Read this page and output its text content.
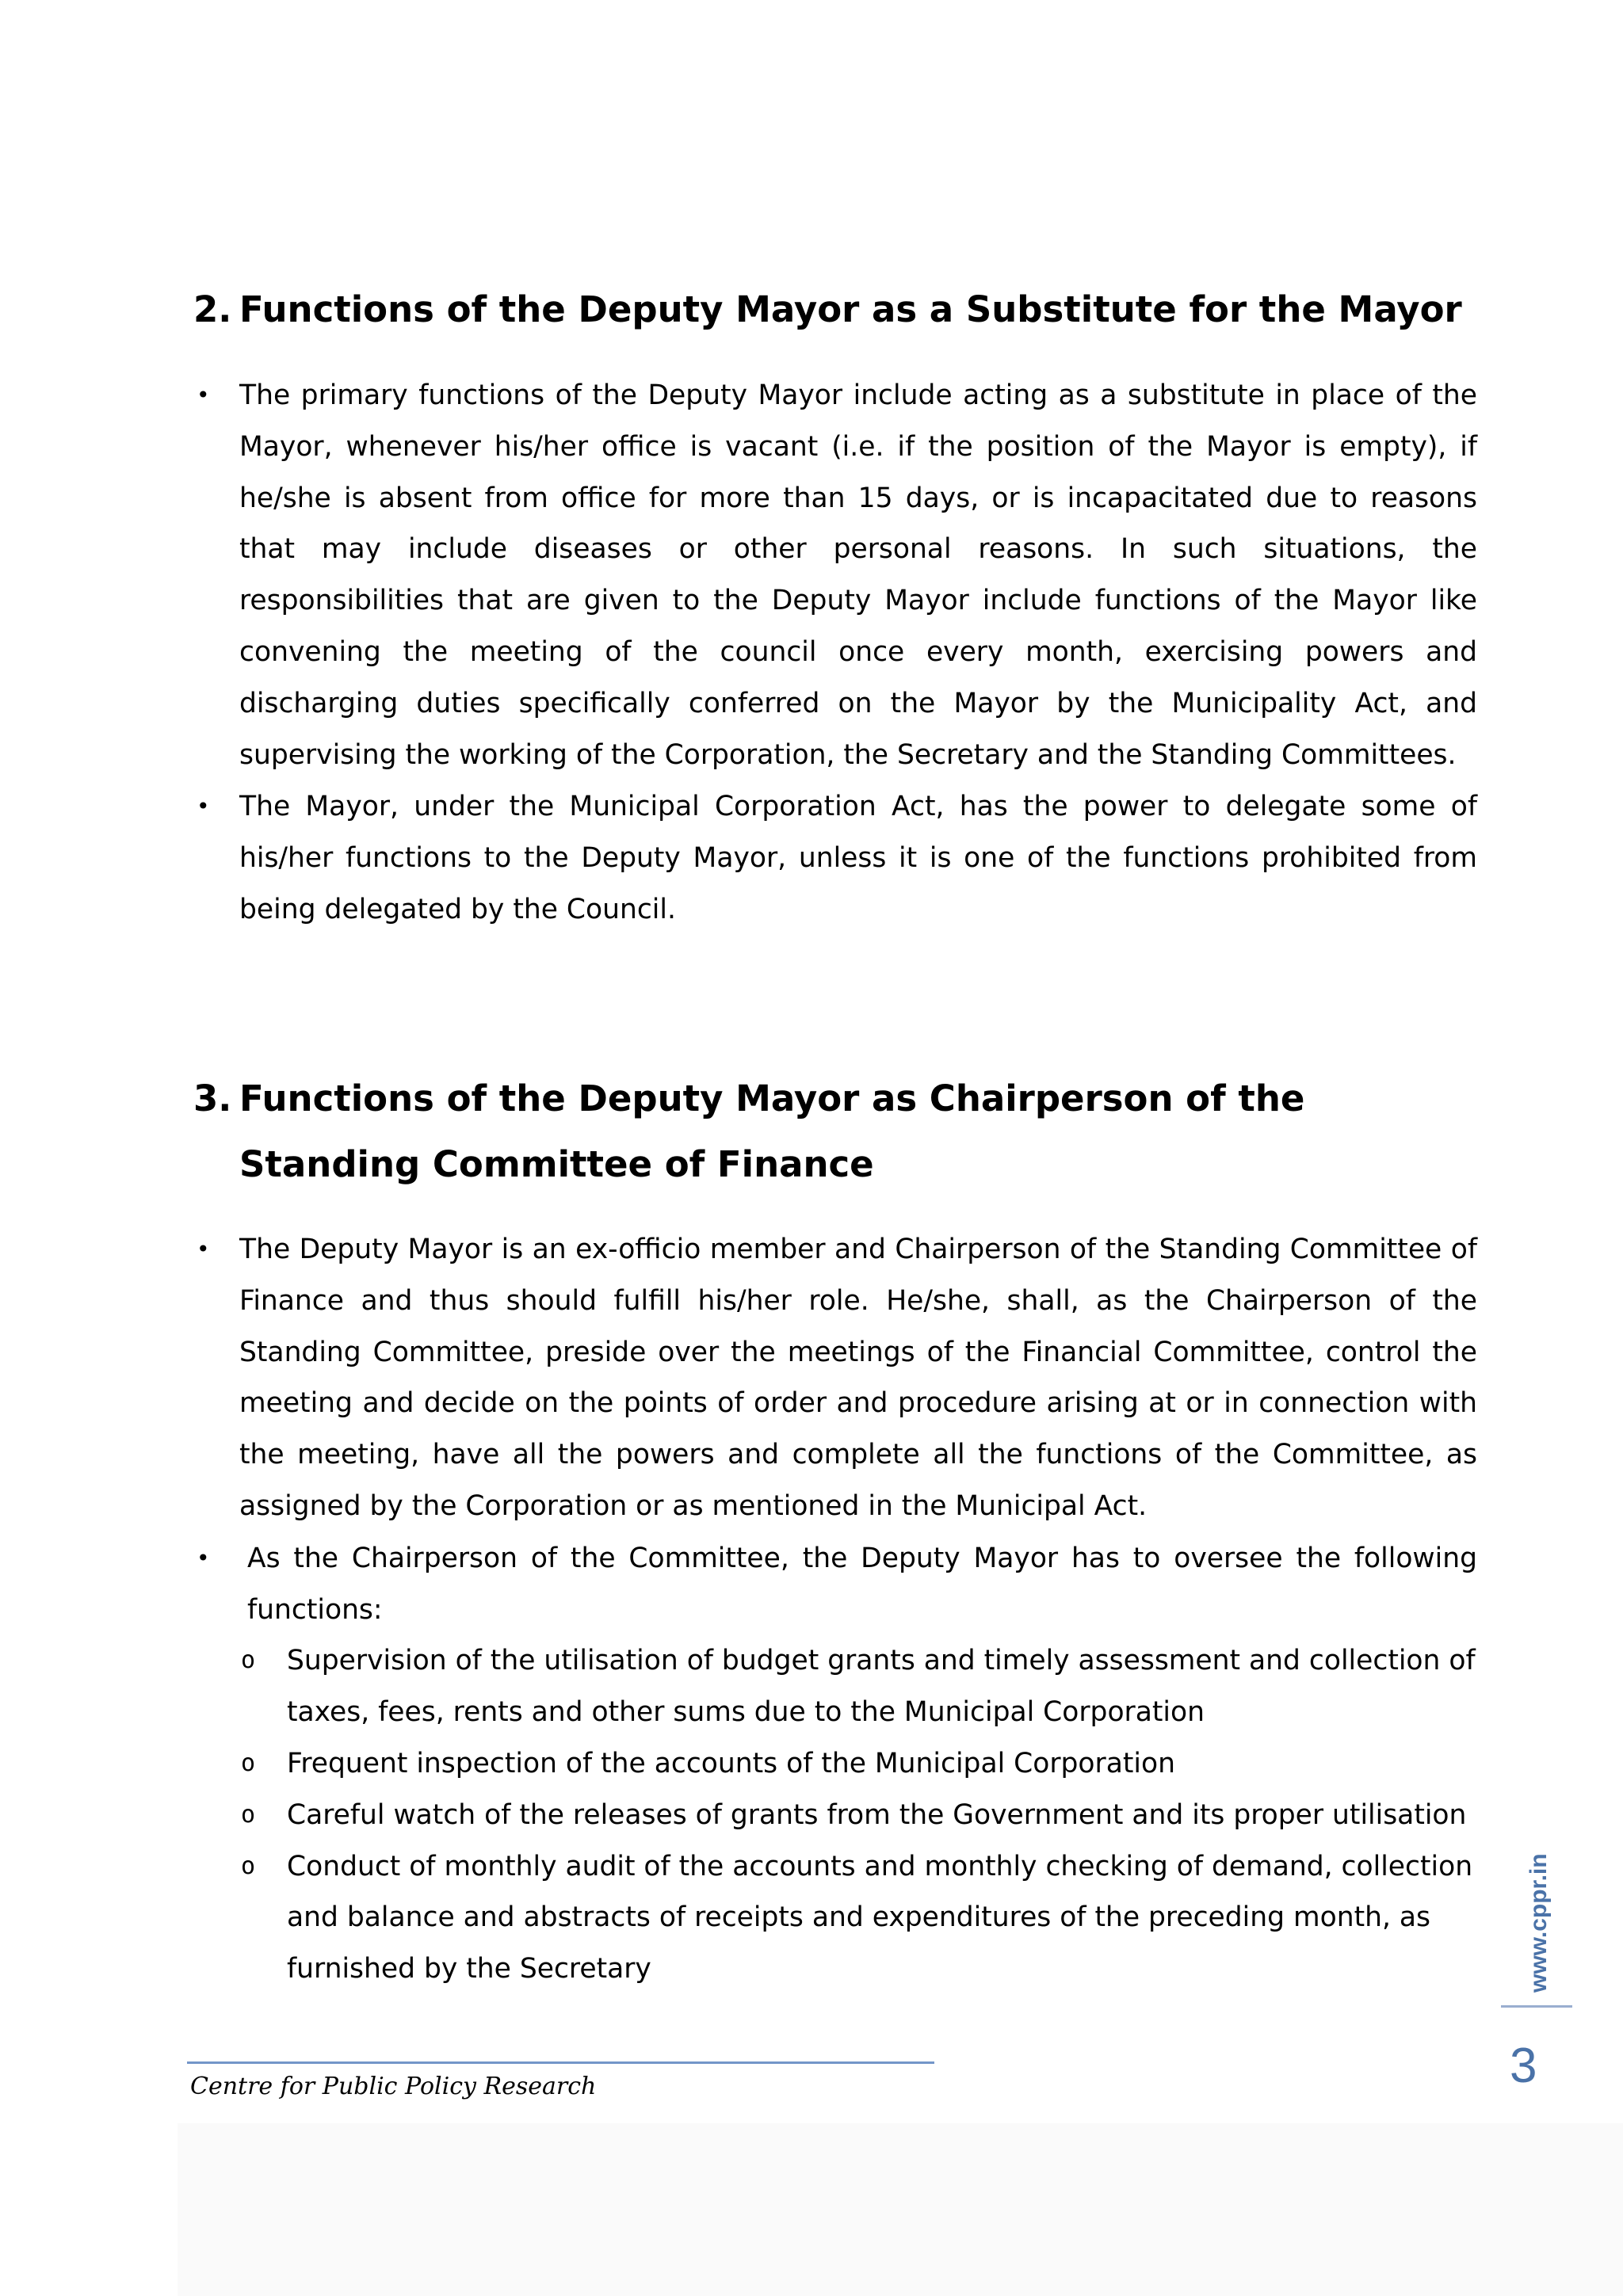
2. Functions of the Deputy Mayor as a Substitute for the Mayor
• The primary functions of the Deputy Mayor include acting as a substitute in place of the Mayor, whenever his/her office is vacant (i.e. if the position of the Mayor is empty), if he/she is absent from office for more than 15 days, or is incapacitated due to reasons that may include diseases or other personal reasons. In such situations, the responsibilities that are given to the Deputy Mayor include functions of the Mayor like convening the meeting of the council once every month, exercising powers and discharging duties specifically conferred on the Mayor by the Municipality Act, and supervising the working of the Corporation, the Secretary and the Standing Committees.
• The Mayor, under the Municipal Corporation Act, has the power to delegate some of his/her functions to the Deputy Mayor, unless it is one of the functions prohibited from being delegated by the Council.
3. Functions of the Deputy Mayor as Chairperson of the Standing Committee of Finance
• The Deputy Mayor is an ex-officio member and Chairperson of the Standing Committee of Finance and thus should fulfill his/her role. He/she, shall, as the Chairperson of the Standing Committee, preside over the meetings of the Financial Committee, control the meeting and decide on the points of order and procedure arising at or in connection with the meeting, have all the powers and complete all the functions of the Committee, as assigned by the Corporation or as mentioned in the Municipal Act.
• As the Chairperson of the Committee, the Deputy Mayor has to oversee the following functions:
o Supervision of the utilisation of budget grants and timely assessment and collection of taxes, fees, rents and other sums due to the Municipal Corporation
o Frequent inspection of the accounts of the Municipal Corporation
o Careful watch of the releases of grants from the Government and its proper utilisation
o Conduct of monthly audit of the accounts and monthly checking of demand, collection and balance and abstracts of receipts and expenditures of the preceding month, as furnished by the Secretary	www.cppr.in
3
Centre for Public Policy Research
